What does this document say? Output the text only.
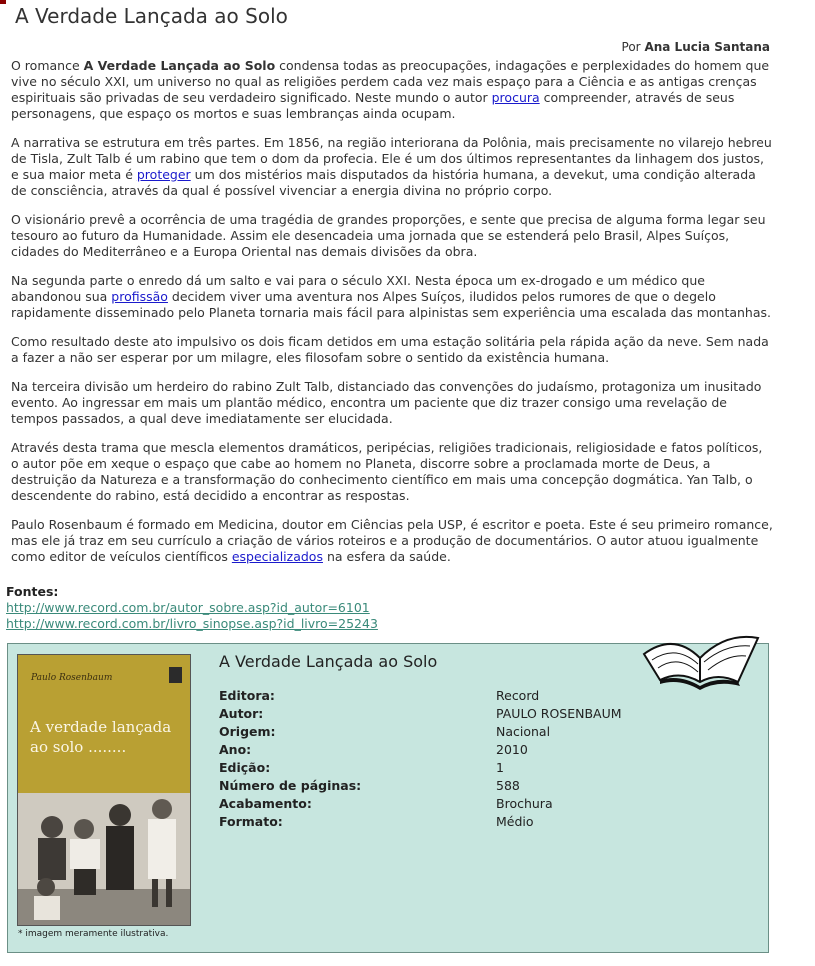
A Verdade Lançada ao Solo
Por Ana Lucia Santana

O romance A Verdade Lançada ao Solo condensa todas as preocupações, indagações e perplexidades do homem que vive no século XXI, um universo no qual as religiões perdem cada vez mais espaço para a Ciência e as antigas crenças espirituais são privadas de seu verdadeiro significado. Neste mundo o autor procura compreender, através de seus personagens, que espaço os mortos e suas lembranças ainda ocupam.

A narrativa se estrutura em três partes. Em 1856, na região interiorana da Polônia, mais precisamente no vilarejo hebreu de Tisla, Zult Talb é um rabino que tem o dom da profecia. Ele é um dos últimos representantes da linhagem dos justos, e sua maior meta é proteger um dos mistérios mais disputados da história humana, a devekut, uma condição alterada de consciência, através da qual é possível vivenciar a energia divina no próprio corpo.

O visionário prevê a ocorrência de uma tragédia de grandes proporções, e sente que precisa de alguma forma legar seu tesouro ao futuro da Humanidade. Assim ele desencadeia uma jornada que se estenderá pelo Brasil, Alpes Suíços, cidades do Mediterrâneo e a Europa Oriental nas demais divisões da obra.

Na segunda parte o enredo dá um salto e vai para o século XXI. Nesta época um ex-drogado e um médico que abandonou sua profissão decidem viver uma aventura nos Alpes Suíços, iludidos pelos rumores de que o degelo rapidamente disseminado pelo Planeta tornaria mais fácil para alpinistas sem experiência uma escalada das montanhas.

Como resultado deste ato impulsivo os dois ficam detidos em uma estação solitária pela rápida ação da neve. Sem nada a fazer a não ser esperar por um milagre, eles filosofam sobre o sentido da existência humana.

Na terceira divisão um herdeiro do rabino Zult Talb, distanciado das convenções do judaísmo, protagoniza um inusitado evento. Ao ingressar em mais um plantão médico, encontra um paciente que diz trazer consigo uma revelação de tempos passados, a qual deve imediatamente ser elucidada.

Através desta trama que mescla elementos dramáticos, peripécias, religiões tradicionais, religiosidade e fatos políticos, o autor põe em xeque o espaço que cabe ao homem no Planeta, discorre sobre a proclamada morte de Deus, a destruição da Natureza e a transformação do conhecimento científico em mais uma concepção dogmática. Yan Talb, o descendente do rabino, está decidido a encontrar as respostas.

Paulo Rosenbaum é formado em Medicina, doutor em Ciências pela USP, é escritor e poeta. Este é seu primeiro romance, mas ele já traz em seu currículo a criação de vários roteiros e a produção de documentários. O autor atuou igualmente como editor de veículos científicos especializados na esfera da saúde.

Fontes:
http://www.record.com.br/autor_sobre.asp?id_autor=6101
http://www.record.com.br/livro_sinopse.asp?id_livro=25243
Paulo Rosenbaum
A verdade lançada ao solo ........
A Verdade Lançada ao Solo
Editora:	Record
Autor:	PAULO ROSENBAUM
Origem:	Nacional
Ano:	2010
Edição:	1
Número de páginas:	588
Acabamento:	Brochura
Formato:	Médio
* imagem meramente ilustrativa.
